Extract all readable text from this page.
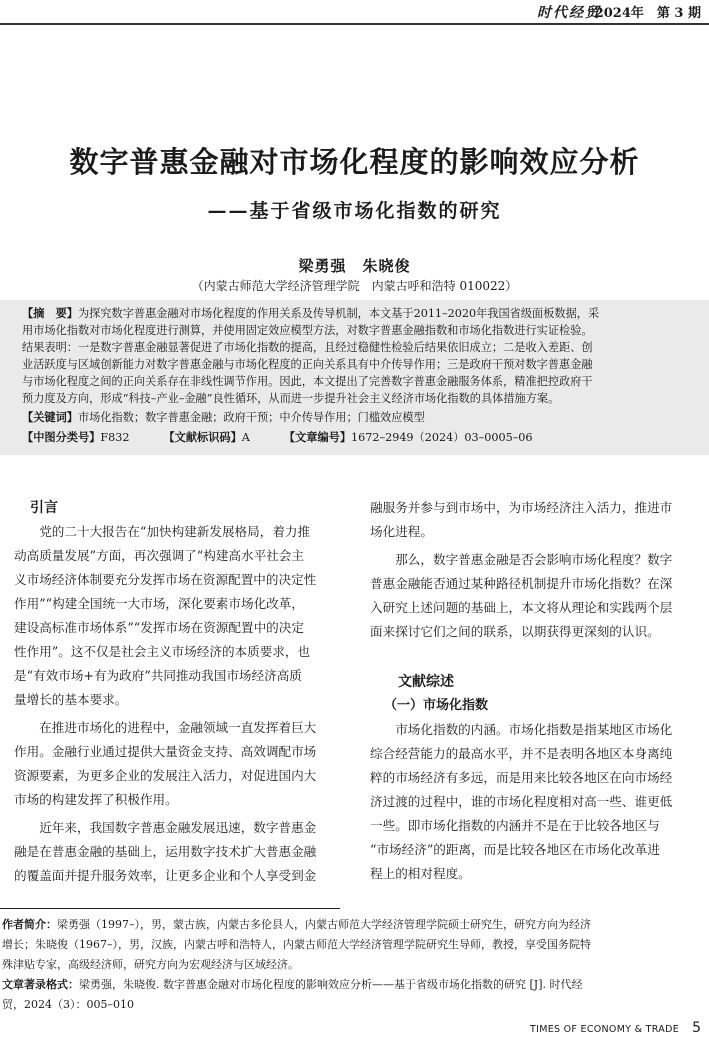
时代经贸
2024年　第 3 期
数字普惠金融对市场化程度的影响效应分析
——基于省级市场化指数的研究
梁勇强　朱晓俊
（内蒙古师范大学经济管理学院　内蒙古呼和浩特 010022）
【摘　要】为探究数字普惠金融对市场化程度的作用关系及传导机制，本文基于2011–2020年我国省级面板数据，采
用市场化指数对市场化程度进行测算，并使用固定效应模型方法，对数字普惠金融指数和市场化指数进行实证检验。
结果表明：一是数字普惠金融显著促进了市场化指数的提高，且经过稳健性检验后结果依旧成立；二是收入差距、创
业活跃度与区域创新能力对数字普惠金融与市场化程度的正向关系具有中介传导作用；三是政府干预对数字普惠金融
与市场化程度之间的正向关系存在非线性调节作用。因此，本文提出了完善数字普惠金融服务体系，精准把控政府干
预力度及方向，形成“科技–产业–金融”良性循环，从而进一步提升社会主义经济市场化指数的具体措施方案。
【关键词】市场化指数；数字普惠金融；政府干预；中介传导作用；门槛效应模型
【中图分类号】F832	【文献标识码】A	【文章编号】1672–2949（2024）03–0005–06
引言
　　党的二十大报告在“加快构建新发展格局，着力推
动高质量发展”方面，再次强调了“构建高水平社会主
义市场经济体制要充分发挥市场在资源配置中的决定性
作用”“构建全国统一大市场，深化要素市场化改革，
建设高标准市场体系”“发挥市场在资源配置中的决定
性作用”。这不仅是社会主义市场经济的本质要求，也
是“有效市场+有为政府”共同推动我国市场经济高质
量增长的基本要求。
　　在推进市场化的进程中，金融领域一直发挥着巨大
作用。金融行业通过提供大量资金支持、高效调配市场
资源要素，为更多企业的发展注入活力，对促进国内大
市场的构建发挥了积极作用。
　　近年来，我国数字普惠金融发展迅速，数字普惠金
融是在普惠金融的基础上，运用数字技术扩大普惠金融
的覆盖面并提升服务效率，让更多企业和个人享受到金
融服务并参与到市场中，为市场经济注入活力，推进市
场化进程。
　　那么，数字普惠金融是否会影响市场化程度？数字
普惠金融能否通过某种路径机制提升市场化指数？在深
入研究上述问题的基础上，本文将从理论和实践两个层
面来探讨它们之间的联系，以期获得更深刻的认识。
文献综述
（一）市场化指数
　　市场化指数的内涵。市场化指数是指某地区市场化
综合经营能力的最高水平，并不是表明各地区本身离纯
粹的市场经济有多远，而是用来比较各地区在向市场经
济过渡的过程中，谁的市场化程度相对高一些、谁更低
一些。即市场化指数的内涵并不是在于比较各地区与
“市场经济”的距离，而是比较各地区在市场化改革进
程上的相对程度。
作者简介：梁勇强（1997–），男，蒙古族，内蒙古多伦县人，内蒙古师范大学经济管理学院硕士研究生，研究方向为经济
增长；朱晓俊（1967–），男，汉族，内蒙古呼和浩特人，内蒙古师范大学经济管理学院研究生导师，教授，享受国务院特
殊津贴专家，高级经济师，研究方向为宏观经济与区域经济。
文章著录格式：梁勇强，朱晓俊. 数字普惠金融对市场化程度的影响效应分析——基于省级市场化指数的研究 [J]. 时代经
贸，2024（3）：005–010
TIMES OF ECONOMY & TRADE 5
